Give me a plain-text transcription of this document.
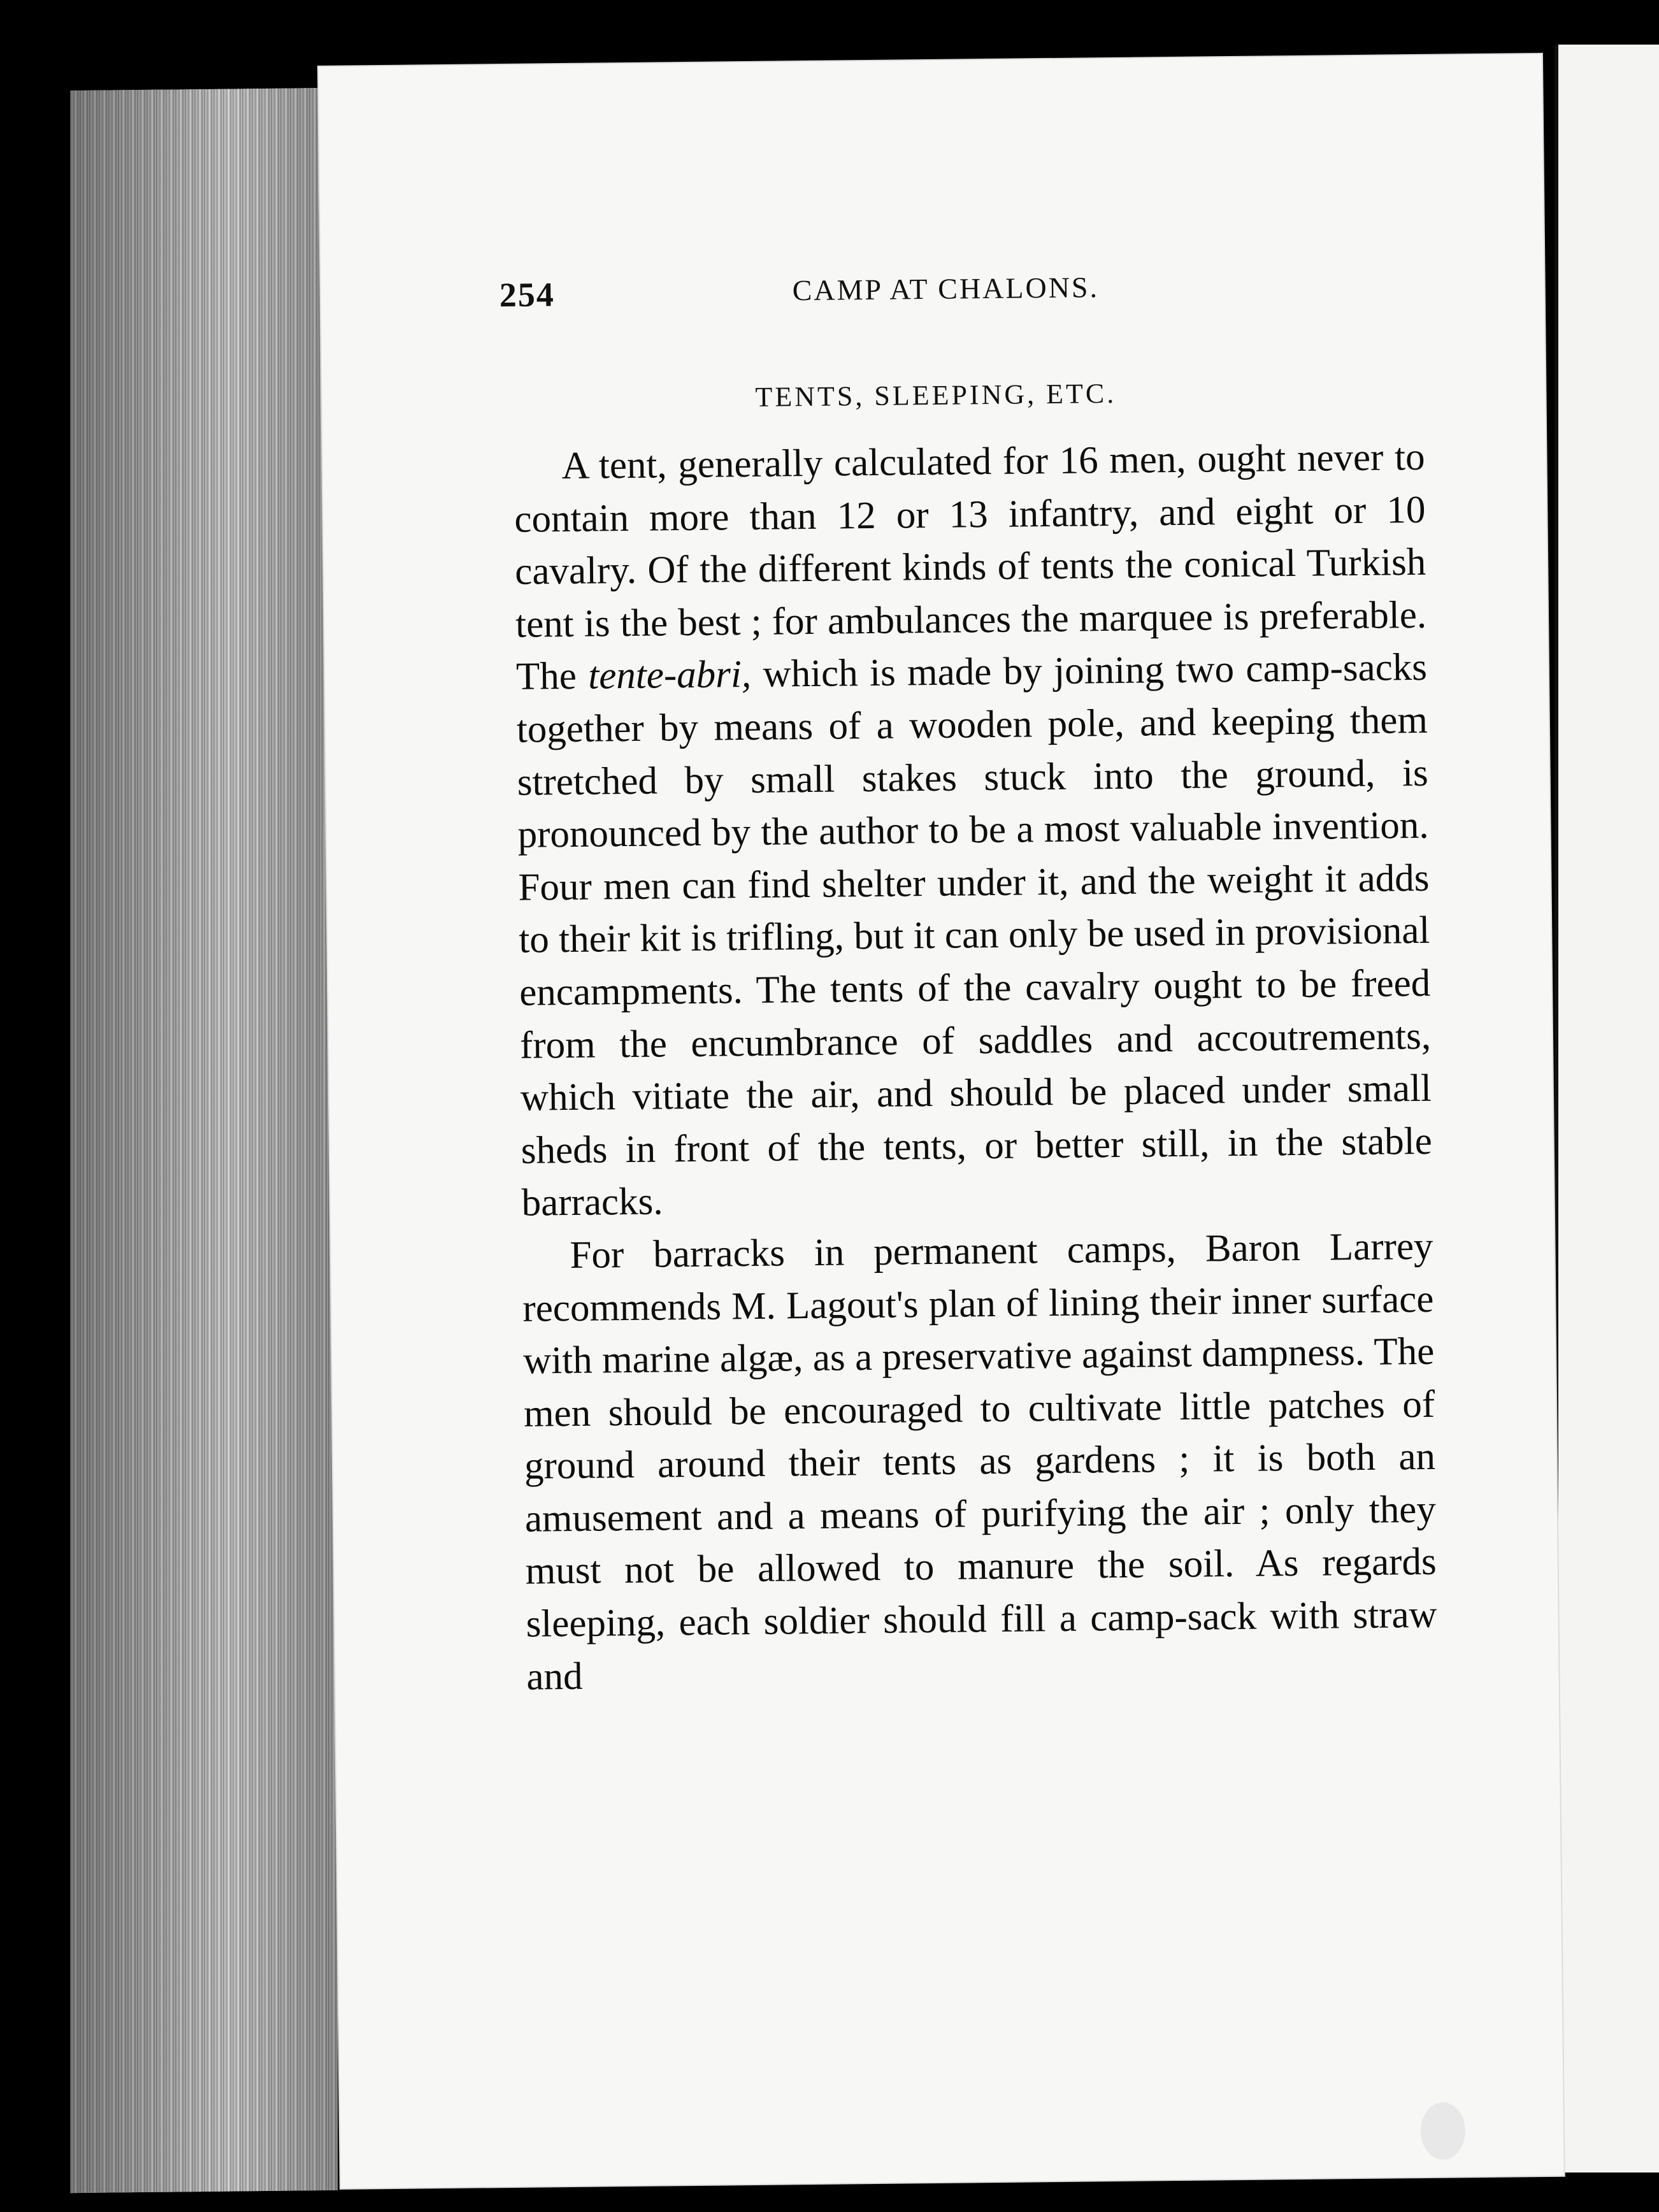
254	CAMP AT CHALONS.
TENTS, SLEEPING, ETC.

A tent, generally calculated for 16 men, ought never to contain more than 12 or 13 infantry, and eight or 10 cavalry. Of the different kinds of tents the conical Turkish tent is the best ; for ambulances the marquee is preferable. The tente-abri, which is made by joining two camp-sacks together by means of a wooden pole, and keeping them stretched by small stakes stuck into the ground, is pronounced by the author to be a most valuable invention. Four men can find shelter under it, and the weight it adds to their kit is trifling, but it can only be used in provisional encampments. The tents of the cavalry ought to be freed from the encumbrance of saddles and accoutrements, which vitiate the air, and should be placed under small sheds in front of the tents, or better still, in the stable barracks.

For barracks in permanent camps, Baron Larrey recommends M. Lagout's plan of lining their inner surface with marine algæ, as a preservative against dampness. The men should be encouraged to cultivate little patches of ground around their tents as gardens ; it is both an amusement and a means of purifying the air ; only they must not be allowed to manure the soil. As regards sleeping, each soldier should fill a camp-sack with straw and
